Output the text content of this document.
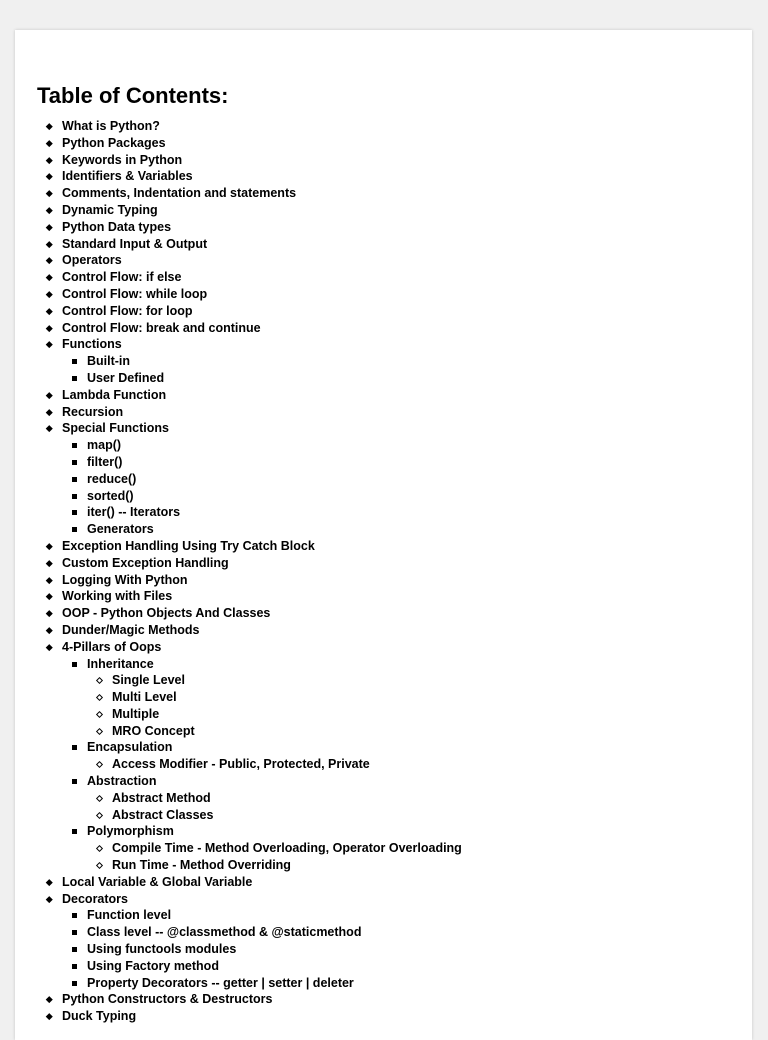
Table of Contents:
What is Python?
Python Packages
Keywords in Python
Identifiers & Variables
Comments, Indentation and statements
Dynamic Typing
Python Data types
Standard Input & Output
Operators
Control Flow: if else
Control Flow: while loop
Control Flow: for loop
Control Flow: break and continue
Functions
Built-in
User Defined
Lambda Function
Recursion
Special Functions
map()
filter()
reduce()
sorted()
iter() -- Iterators
Generators
Exception Handling Using Try Catch Block
Custom Exception Handling
Logging With Python
Working with Files
OOP - Python Objects And Classes
Dunder/Magic Methods
4-Pillars of Oops
Inheritance
Single Level
Multi Level
Multiple
MRO Concept
Encapsulation
Access Modifier - Public, Protected, Private
Abstraction
Abstract Method
Abstract Classes
Polymorphism
Compile Time - Method Overloading, Operator Overloading
Run Time - Method Overriding
Local Variable & Global Variable
Decorators
Function level
Class level -- @classmethod & @staticmethod
Using functools modules
Using Factory method
Property Decorators -- getter | setter | deleter
Python Constructors & Destructors
Duck Typing
